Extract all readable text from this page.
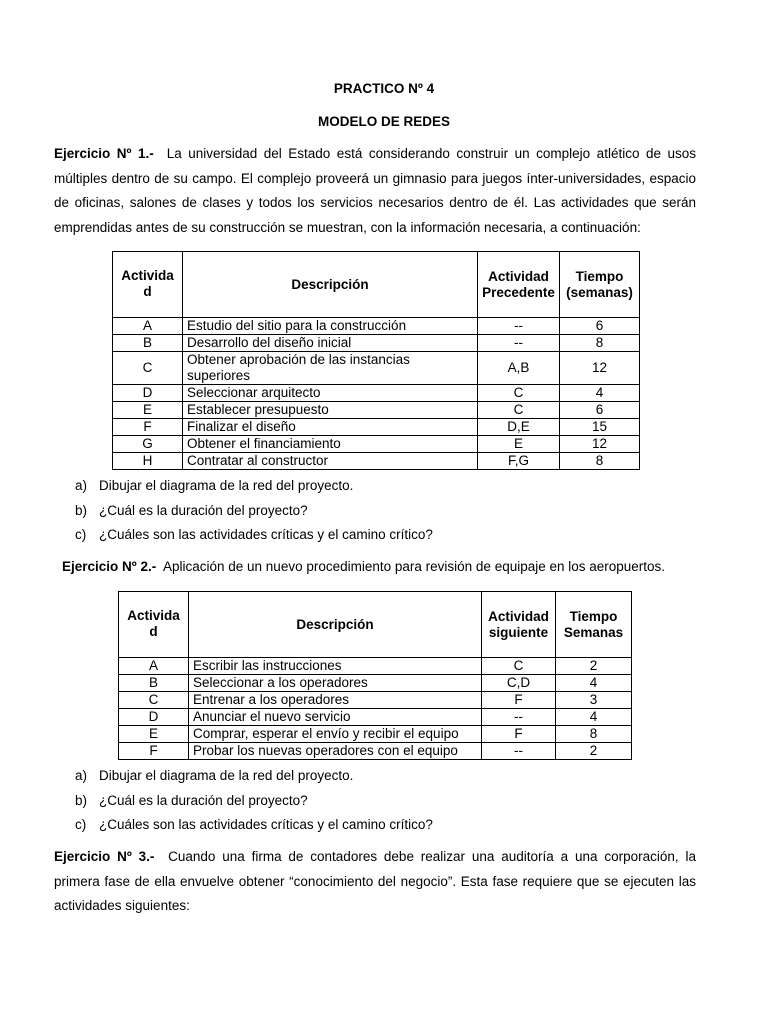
PRACTICO Nº 4
MODELO DE REDES
Ejercicio Nº 1.- La universidad del Estado está considerando construir un complejo atlético de usos múltiples dentro de su campo. El complejo proveerá un gimnasio para juegos ínter-universidades, espacio de oficinas, salones de clases y todos los servicios necesarios dentro de él. Las actividades que serán emprendidas antes de su construcción se muestran, con la información necesaria, a continuación:
Activida d	Descripción	Actividad Precedente	Tiempo (semanas)
A	Estudio del sitio para la construcción	--	6
B	Desarrollo del diseño inicial	--	8
C	Obtener aprobación de las instancias superiores	A,B	12
D	Seleccionar arquitecto	C	4
E	Establecer presupuesto	C	6
F	Finalizar el diseño	D,E	15
G	Obtener el financiamiento	E	12
H	Contratar al constructor	F,G	8
a) Dibujar el diagrama de la red del proyecto.
b) ¿Cuál es la duración del proyecto?
c) ¿Cuáles son las actividades críticas y el camino crítico?
Ejercicio Nº 2.- Aplicación de un nuevo procedimiento para revisión de equipaje en los aeropuertos.
Activida d	Descripción	Actividad siguiente	Tiempo Semanas
A	Escribir las instrucciones	C	2
B	Seleccionar a los operadores	C,D	4
C	Entrenar a los operadores	F	3
D	Anunciar el nuevo servicio	--	4
E	Comprar, esperar el envío y recibir el equipo	F	8
F	Probar los nuevas operadores con el equipo	--	2
a) Dibujar el diagrama de la red del proyecto.
b) ¿Cuál es la duración del proyecto?
c) ¿Cuáles son las actividades críticas y el camino crítico?
Ejercicio Nº 3.- Cuando una firma de contadores debe realizar una auditoría a una corporación, la primera fase de ella envuelve obtener “conocimiento del negocio”. Esta fase requiere que se ejecuten las actividades siguientes:
